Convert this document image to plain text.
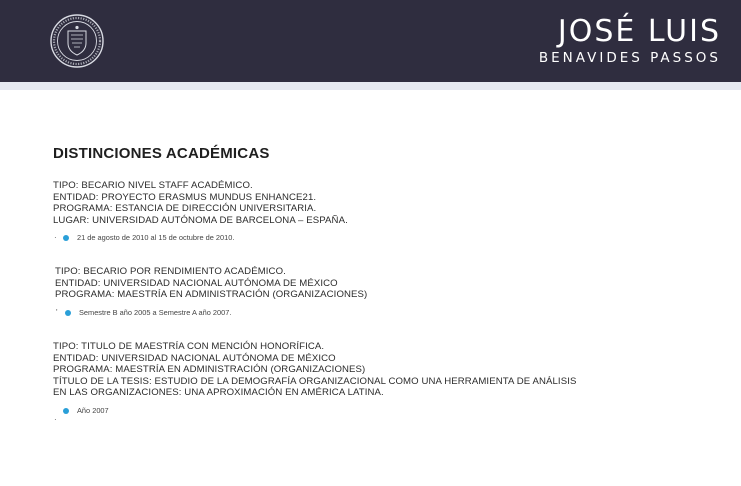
JOSÉ LUIS
BENAVIDES PASSOS
DISTINCIONES ACADÉMICAS
TIPO: BECARIO NIVEL STAFF ACADÉMICO.
ENTIDAD: PROYECTO ERASMUS MUNDUS ENHANCE21.
PROGRAMA: ESTANCIA DE DIRECCIÓN UNIVERSITARIA.
LUGAR: UNIVERSIDAD AUTÓNOMA DE BARCELONA – ESPAÑA.
·	21 de agosto de 2010 al 15 de octubre de 2010.
TIPO: BECARIO POR RENDIMIENTO ACADÉMICO.
ENTIDAD: UNIVERSIDAD NACIONAL AUTÓNOMA DE MÉXICO
PROGRAMA: MAESTRÍA EN ADMINISTRACIÓN (ORGANIZACIONES)
'	Semestre B año 2005 a Semestre A año 2007.
TIPO: TITULO DE MAESTRÍA CON MENCIÓN HONORÍFICA.
ENTIDAD: UNIVERSIDAD NACIONAL AUTÓNOMA DE MÉXICO
PROGRAMA: MAESTRÍA EN ADMINISTRACIÓN (ORGANIZACIONES)
TÍTULO DE LA TESIS: ESTUDIO DE LA DEMOGRAFÍA ORGANIZACIONAL COMO UNA HERRAMIENTA DE ANÁLISIS
EN LAS ORGANIZACIONES: UNA APROXIMACIÓN EN AMÉRICA LATINA.
Año 2007
·
